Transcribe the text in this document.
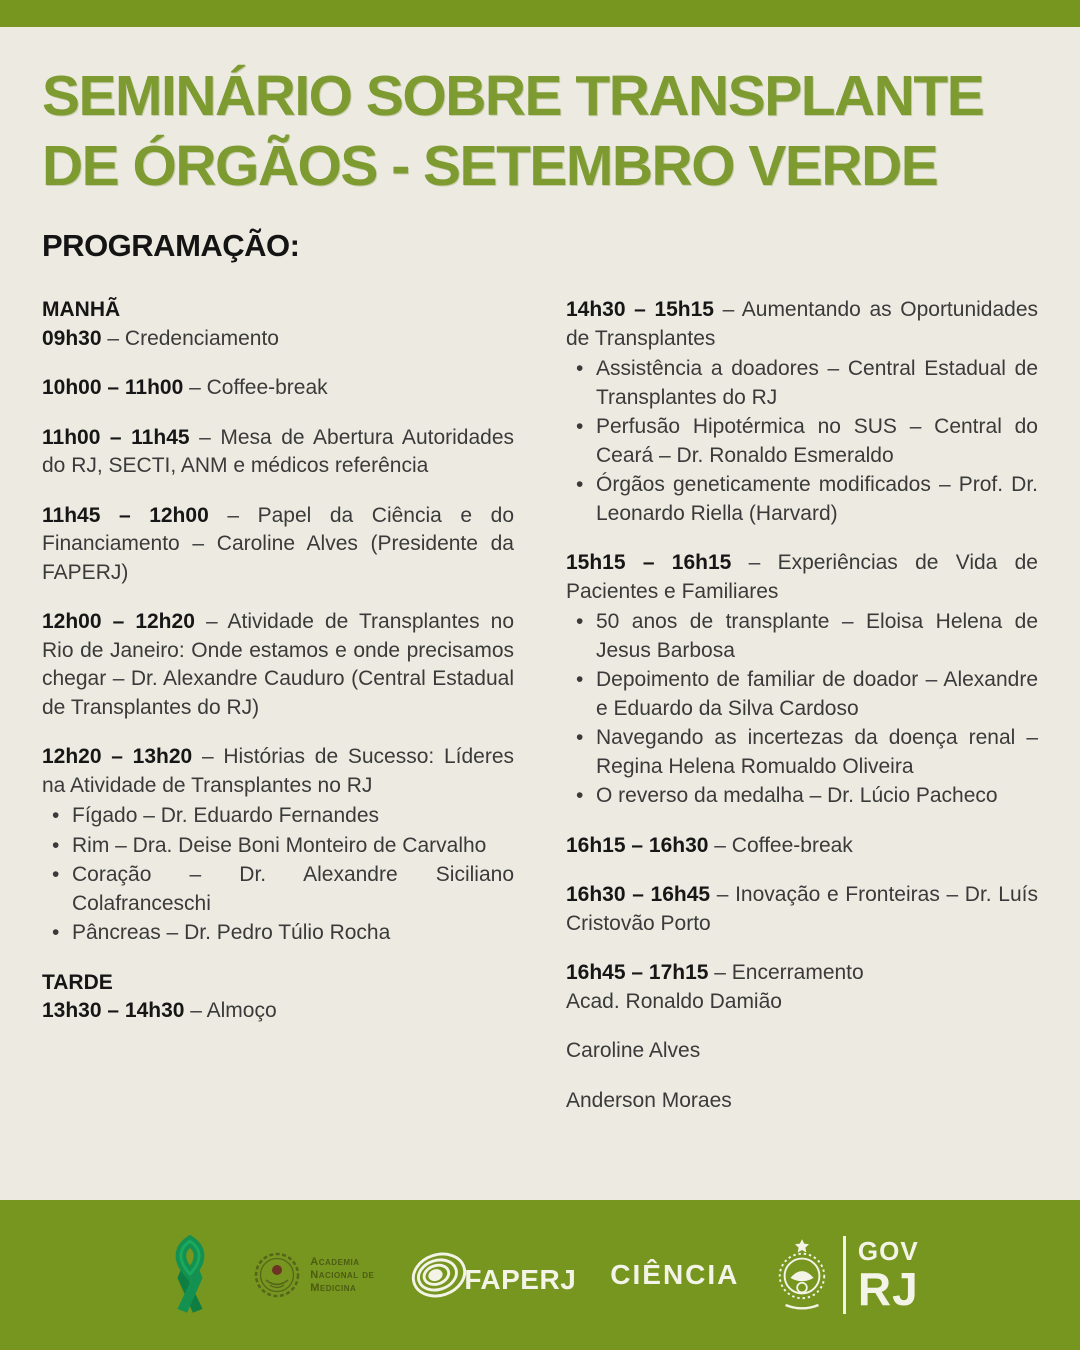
SEMINÁRIO SOBRE TRANSPLANTE
DE ÓRGÃOS - SETEMBRO VERDE
PROGRAMAÇÃO:

MANHÃ

09h30 – Credenciamento

10h00 – 11h00 – Coffee-break

11h00 – 11h45 – Mesa de Abertura Autoridades do RJ, SECTI, ANM e médicos referência

11h45 – 12h00 – Papel da Ciência e do Financiamento – Caroline Alves (Presidente da FAPERJ)

12h00 – 12h20 – Atividade de Transplantes no Rio de Janeiro: Onde estamos e onde precisamos chegar – Dr. Alexandre Cauduro (Central Estadual de Transplantes do RJ)

12h20 – 13h20 – Histórias de Sucesso: Líderes na Atividade de Transplantes no RJ

• Fígado – Dr. Eduardo Fernandes
• Rim – Dra. Deise Boni Monteiro de Carvalho
• Coração – Dr. Alexandre Siciliano Colafranceschi
• Pâncreas – Dr. Pedro Túlio Rocha

TARDE

13h30 – 14h30 – Almoço

14h30 – 15h15 – Aumentando as Oportunidades de Transplantes

• Assistência a doadores – Central Estadual de Transplantes do RJ
• Perfusão Hipotérmica no SUS – Central do Ceará – Dr. Ronaldo Esmeraldo
• Órgãos geneticamente modificados – Prof. Dr. Leonardo Riella (Harvard)

15h15 – 16h15 – Experiências de Vida de Pacientes e Familiares

• 50 anos de transplante – Eloisa Helena de Jesus Barbosa
• Depoimento de familiar de doador – Alexandre e Eduardo da Silva Cardoso
• Navegando as incertezas da doença renal – Regina Helena Romualdo Oliveira
• O reverso da medalha – Dr. Lúcio Pacheco

16h15 – 16h30 – Coffee-break

16h30 – 16h45 – Inovação e Fronteiras – Dr. Luís Cristovão Porto

16h45 – 17h15 – Encerramento

Acad. Ronaldo Damião

Caroline Alves

Anderson Moraes

Academia
Nacional de
Medicina	FAPERJ CIÊNCIA
GOV
RJ
